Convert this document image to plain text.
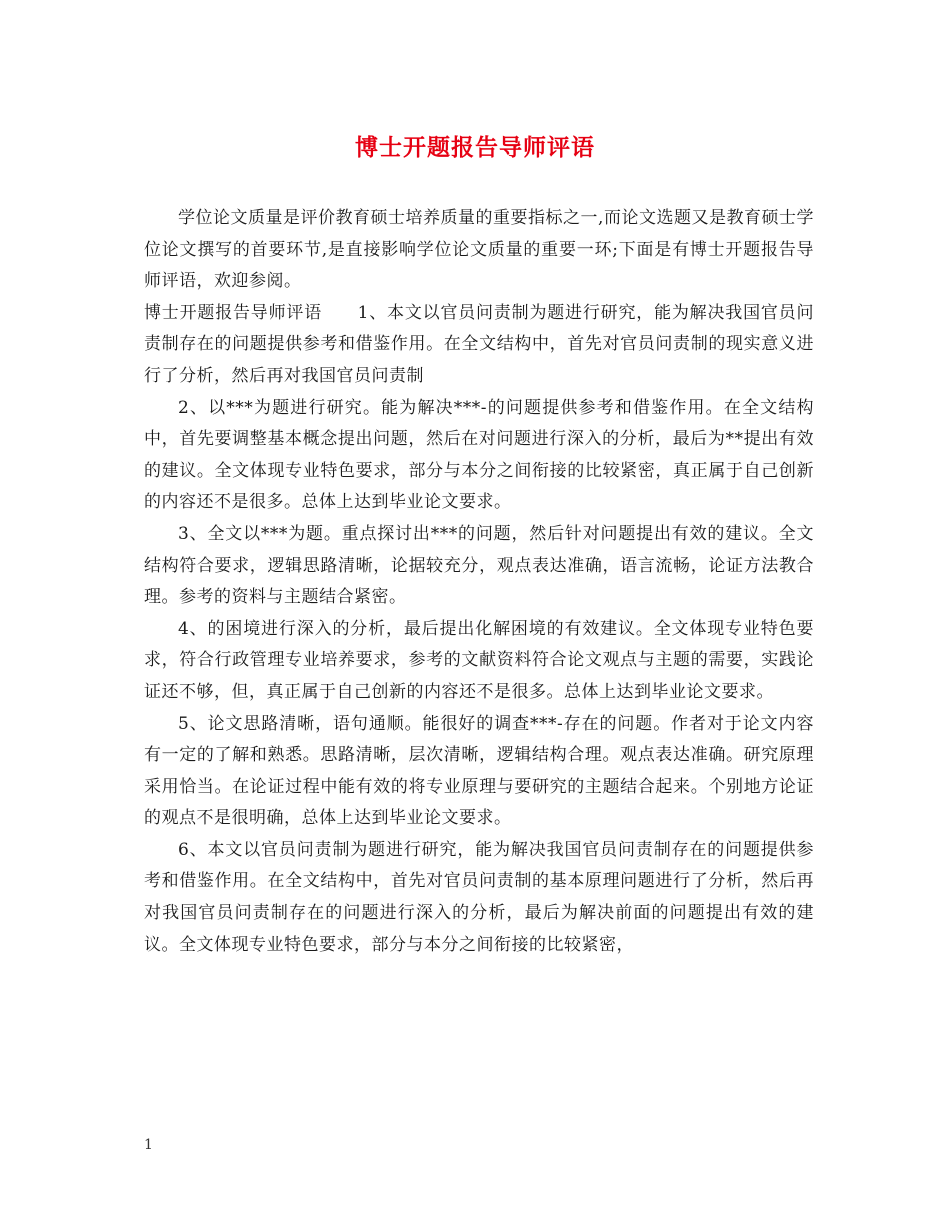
博士开题报告导师评语

学位论文质量是评价教育硕士培养质量的重要指标之一,而论文选题又是教育硕士学位论文撰写的首要环节,是直接影响学位论文质量的重要一环;下面是有博士开题报告导师评语，欢迎参阅。

博士开题报告导师评语　　1、本文以官员问责制为题进行研究，能为解决我国官员问责制存在的问题提供参考和借鉴作用。在全文结构中，首先对官员问责制的现实意义进行了分析，然后再对我国官员问责制

2、以***为题进行研究。能为解决***-的问题提供参考和借鉴作用。在全文结构中，首先要调整基本概念提出问题，然后在对问题进行深入的分析，最后为**提出有效的建议。全文体现专业特色要求，部分与本分之间衔接的比较紧密，真正属于自己创新的内容还不是很多。总体上达到毕业论文要求。

3、全文以***为题。重点探讨出***的问题，然后针对问题提出有效的建议。全文结构符合要求，逻辑思路清晰，论据较充分，观点表达准确，语言流畅，论证方法教合理。参考的资料与主题结合紧密。

4、的困境进行深入的分析，最后提出化解困境的有效建议。全文体现专业特色要求，符合行政管理专业培养要求，参考的文献资料符合论文观点与主题的需要，实践论证还不够，但，真正属于自己创新的内容还不是很多。总体上达到毕业论文要求。

5、论文思路清晰，语句通顺。能很好的调查***-存在的问题。作者对于论文内容有一定的了解和熟悉。思路清晰，层次清晰，逻辑结构合理。观点表达准确。研究原理采用恰当。在论证过程中能有效的将专业原理与要研究的主题结合起来。个别地方论证的观点不是很明确，总体上达到毕业论文要求。

6、本文以官员问责制为题进行研究，能为解决我国官员问责制存在的问题提供参考和借鉴作用。在全文结构中，首先对官员问责制的基本原理问题进行了分析，然后再对我国官员问责制存在的问题进行深入的分析，最后为解决前面的问题提出有效的建议。全文体现专业特色要求，部分与本分之间衔接的比较紧密，

1
